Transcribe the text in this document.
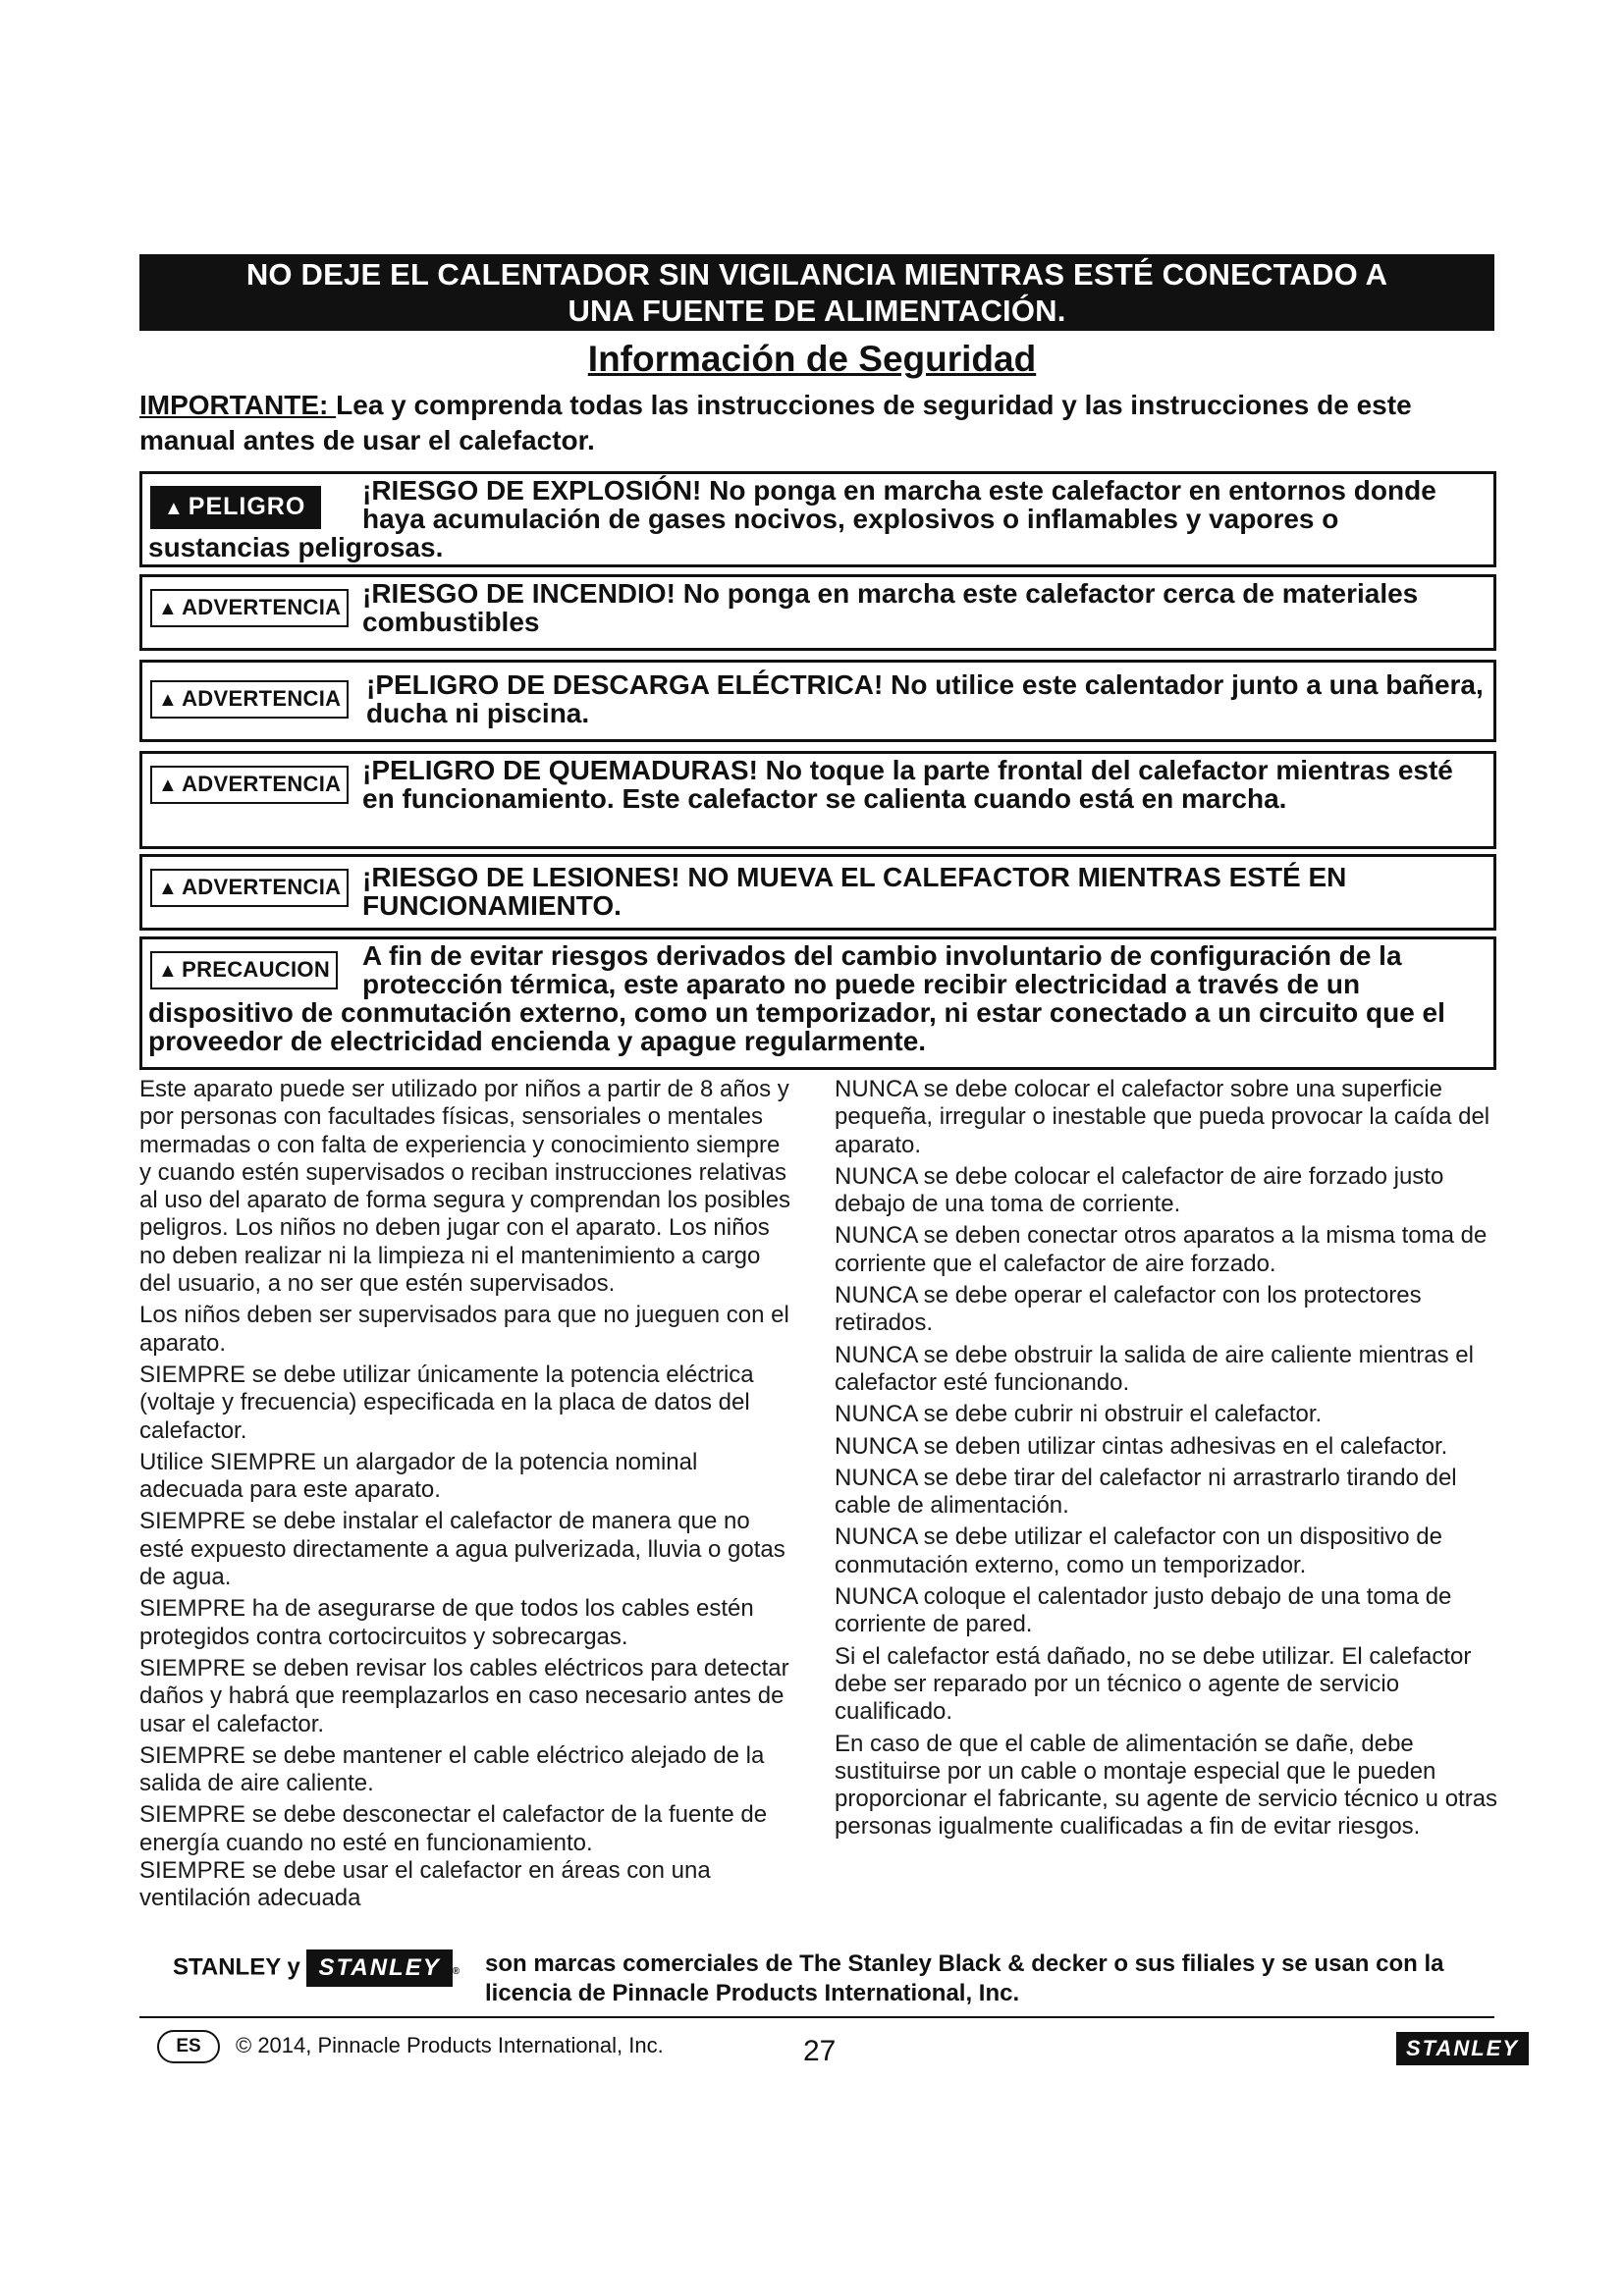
NO DEJE EL CALENTADOR SIN VIGILANCIA MIENTRAS ESTÉ CONECTADO A
UNA FUENTE DE ALIMENTACIÓN.
Información de Seguridad
IMPORTANTE: Lea y comprenda todas las instrucciones de seguridad y las instrucciones de este manual antes de usar el calefactor.
¡RIESGO DE EXPLOSIÓN! No ponga en marcha este calefactor en entornos donde haya acumulación de gases nocivos, explosivos o inflamables y vapores o sustancias peligrosas.
▲ PELIGRO
¡RIESGO DE INCENDIO! No ponga en marcha este calefactor cerca de materiales combustibles
▲ ADVERTENCIA
¡PELIGRO DE DESCARGA ELÉCTRICA! No utilice este calentador junto a una bañera, ducha ni piscina.
▲ ADVERTENCIA
¡PELIGRO DE QUEMADURAS! No toque la parte frontal del calefactor mientras esté en funcionamiento. Este calefactor se calienta cuando está en marcha.
▲ ADVERTENCIA
¡RIESGO DE LESIONES! NO MUEVA EL CALEFACTOR MIENTRAS ESTÉ EN FUNCIONAMIENTO.
▲ ADVERTENCIA
A fin de evitar riesgos derivados del cambio involuntario de configuración de la protección térmica, este aparato no puede recibir electricidad a través de un dispositivo de conmutación externo, como un temporizador, ni estar conectado a un circuito que el proveedor de electricidad encienda y apague regularmente.
▲ PRECAUCION

Este aparato puede ser utilizado por niños a partir de 8 años y por personas con facultades físicas, sensoriales o mentales mermadas o con falta de experiencia y conocimiento siempre y cuando estén supervisados o reciban instrucciones relativas al uso del aparato de forma segura y comprendan los posibles peligros. Los niños no deben jugar con el aparato. Los niños no deben realizar ni la limpieza ni el mantenimiento a cargo del usuario, a no ser que estén supervisados.

Los niños deben ser supervisados para que no jueguen con el aparato.

SIEMPRE se debe utilizar únicamente la potencia eléctrica (voltaje y frecuencia) especificada en la placa de datos del calefactor.

Utilice SIEMPRE un alargador de la potencia nominal adecuada para este aparato.

SIEMPRE se debe instalar el calefactor de manera que no esté expuesto directamente a agua pulverizada, lluvia o gotas de agua.

SIEMPRE ha de asegurarse de que todos los cables estén protegidos contra cortocircuitos y sobrecargas.

SIEMPRE se deben revisar los cables eléctricos para detectar daños y habrá que reemplazarlos en caso necesario antes de usar el calefactor.

SIEMPRE se debe mantener el cable eléctrico alejado de la salida de aire caliente.

SIEMPRE se debe desconectar el calefactor de la fuente de energía cuando no esté en funcionamiento.

SIEMPRE se debe usar el calefactor en áreas con una ventilación adecuada

NUNCA se debe colocar el calefactor sobre una superficie pequeña, irregular o inestable que pueda provocar la caída del aparato.

NUNCA se debe colocar el calefactor de aire forzado justo debajo de una toma de corriente.

NUNCA se deben conectar otros aparatos a la misma toma de corriente que el calefactor de aire forzado.

NUNCA se debe operar el calefactor con los protectores retirados.

NUNCA se debe obstruir la salida de aire caliente mientras el calefactor esté funcionando.

NUNCA se debe cubrir ni obstruir el calefactor.

NUNCA se deben utilizar cintas adhesivas en el calefactor.

NUNCA se debe tirar del calefactor ni arrastrarlo tirando del cable de alimentación.

NUNCA se debe utilizar el calefactor con un dispositivo de conmutación externo, como un temporizador.

NUNCA coloque el calentador justo debajo de una toma de corriente de pared.

Si el calefactor está dañado, no se debe utilizar. El calefactor debe ser reparado por un técnico o agente de servicio cualificado.

En caso de que el cable de alimentación se dañe, debe sustituirse por un cable o montaje especial que le pueden proporcionar el fabricante, su agente de servicio técnico u otras personas igualmente cualificadas a fin de evitar riesgos.

STANLEY y STANLEY ® son marcas comerciales de The Stanley Black & decker o sus filiales y se usan con la licencia de Pinnacle Products International, Inc.
ES	© 2014, Pinnacle Products International, Inc.	27	STANLEY
